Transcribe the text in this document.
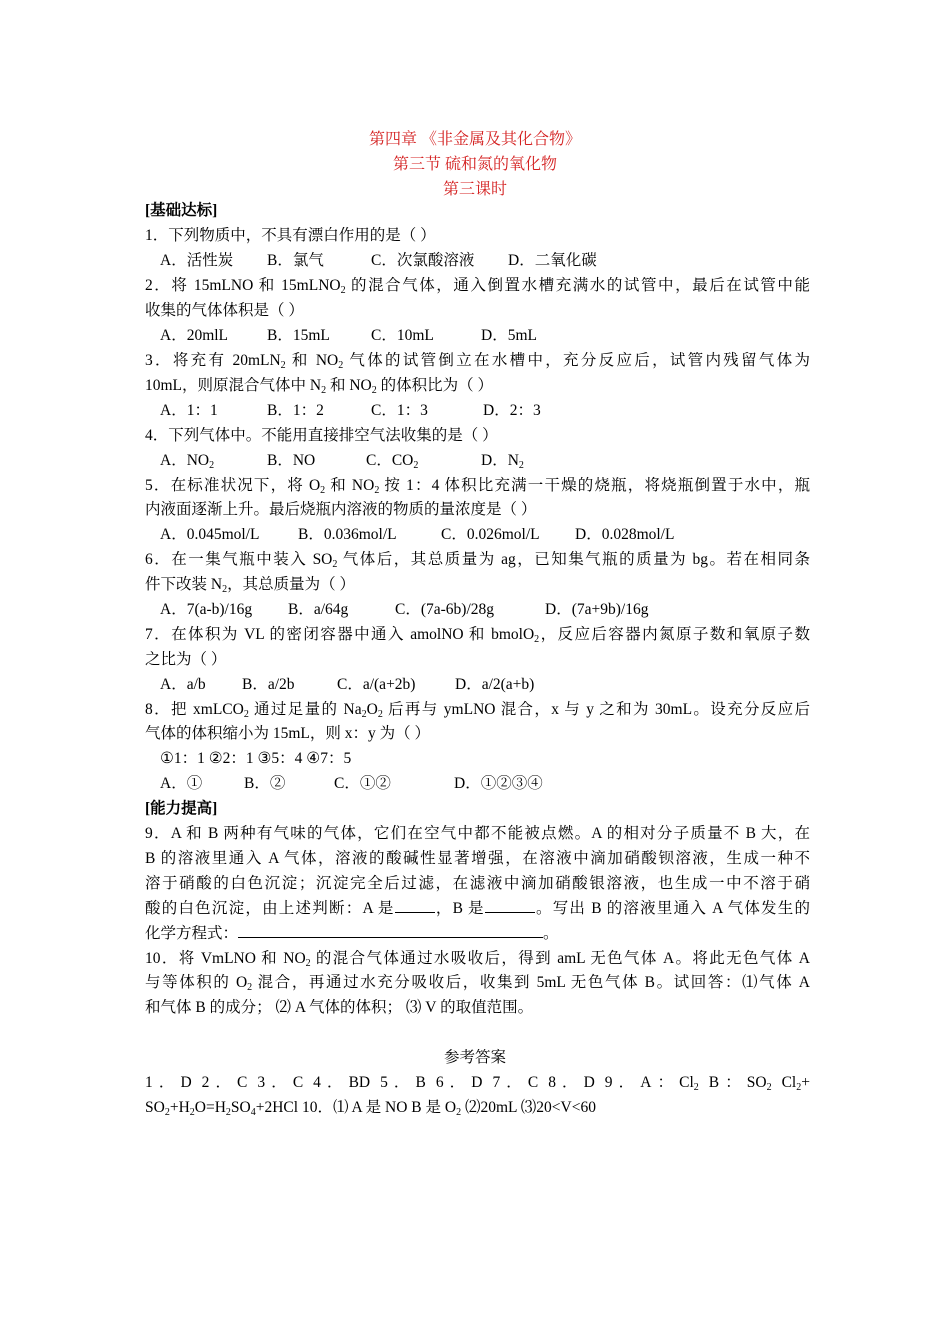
第四章 《非金属及其化合物》
第三节 硫和氮的氧化物
第三课时
[基础达标]
1．下列物质中，不具有漂白作用的是（ ）
A．活性炭 B．氯气	C．次氯酸溶液 D．二氧化碳
2．将 15mLNO 和 15mLNO$_2$ 的混合气体，通入倒置水槽充满水的试管中，最后在试管中能
收集的气体体积是（ ）
A．20mlL	B．15mL	C．10mL	D．5mL
3．将充有 20mLN$_2$ 和 $NO_2$ 气体的试管倒立在水槽中，充分反应后，试管内残留气体为
10mL，则原混合气体中 $N_2$ 和 $NO_2$ 的体积比为（ ）
A．1：1	B．1：2	C．1：3	D．2：3
4．下列气体中。不能用直接排空气法收集的是（ ）
A．$NO_2$	B．NO	C．$CO_2$	D．$N_2$
5．在标准状况下，将 $O_2$ 和 $NO_2$ 按 1：4 体积比充满一干燥的烧瓶，将烧瓶倒置于水中，瓶
内液面逐渐上升。最后烧瓶内溶液的物质的量浓度是（ ）
A．0.045mol/L B．0.036mol/L	C．0.026mol/L D．0.028mol/L
6．在一集气瓶中装入 $SO_2$ 气体后，其总质量为 ag，已知集气瓶的质量为 bg。若在相同条
件下改装 $N_2$，其总质量为（ ）
A．7(a-b)/16g B．a/64g	C．(7a-6b)/28g	D．(7a+9b)/16g
7．在体积为 VL 的密闭容器中通入 amolNO 和 bmolO$_2$，反应后容器内氮原子数和氧原子数
之比为（ ）
A．a/b B．a/2b	C．a/(a+2b)	D．a/2(a+b)
8．把 xmLCO$_2$ 通过足量的 $Na_2O_2$ 后再与 ymLNO 混合，x 与 y 之和为 30mL。设充分反应后
气体的体积缩小为 15mL，则 x：y 为（ ）
①1：1 ②2：1 ③5：4 ④7：5
A．①	B．②	C．①②	D．①②③④
[能力提高]
9．A 和 B 两种有气味的气体，它们在空气中都不能被点燃。A 的相对分子质量不 B 大，在
B 的溶液里通入 A 气体，溶液的酸碱性显著增强，在溶液中滴加硝酸钡溶液，生成一种不
溶于硝酸的白色沉淀；沉淀完全后过滤，在滤液中滴加硝酸银溶液，也生成一中不溶于硝
酸的白色沉淀，由上述判断：A 是	，B 是	。写出 B 的溶液里通入 A 气体发生的
化学方程式：	。
10．将 VmLNO 和 $NO_2$ 的混合气体通过水吸收后，得到 amL 无色气体 A。将此无色气体 A
与等体积的 $O_2$ 混合，再通过水充分吸收后，收集到 5mL 无色气体 B。试回答：⑴气体 A
和气体 B 的成分； ⑵ A 气体的体积； ⑶ V 的取值范围。
参考答案
1．D 2．C 3．C 4．BD 5．B 6．D 7．C 8．D 9．A：$Cl_2$ B：$SO_2$ $Cl_2+$
$SO_2+H_2O=H_2SO_4+2HCl$ 10．⑴ A 是 NO B 是 $O_2$ ⑵20mL ⑶20<V<60
